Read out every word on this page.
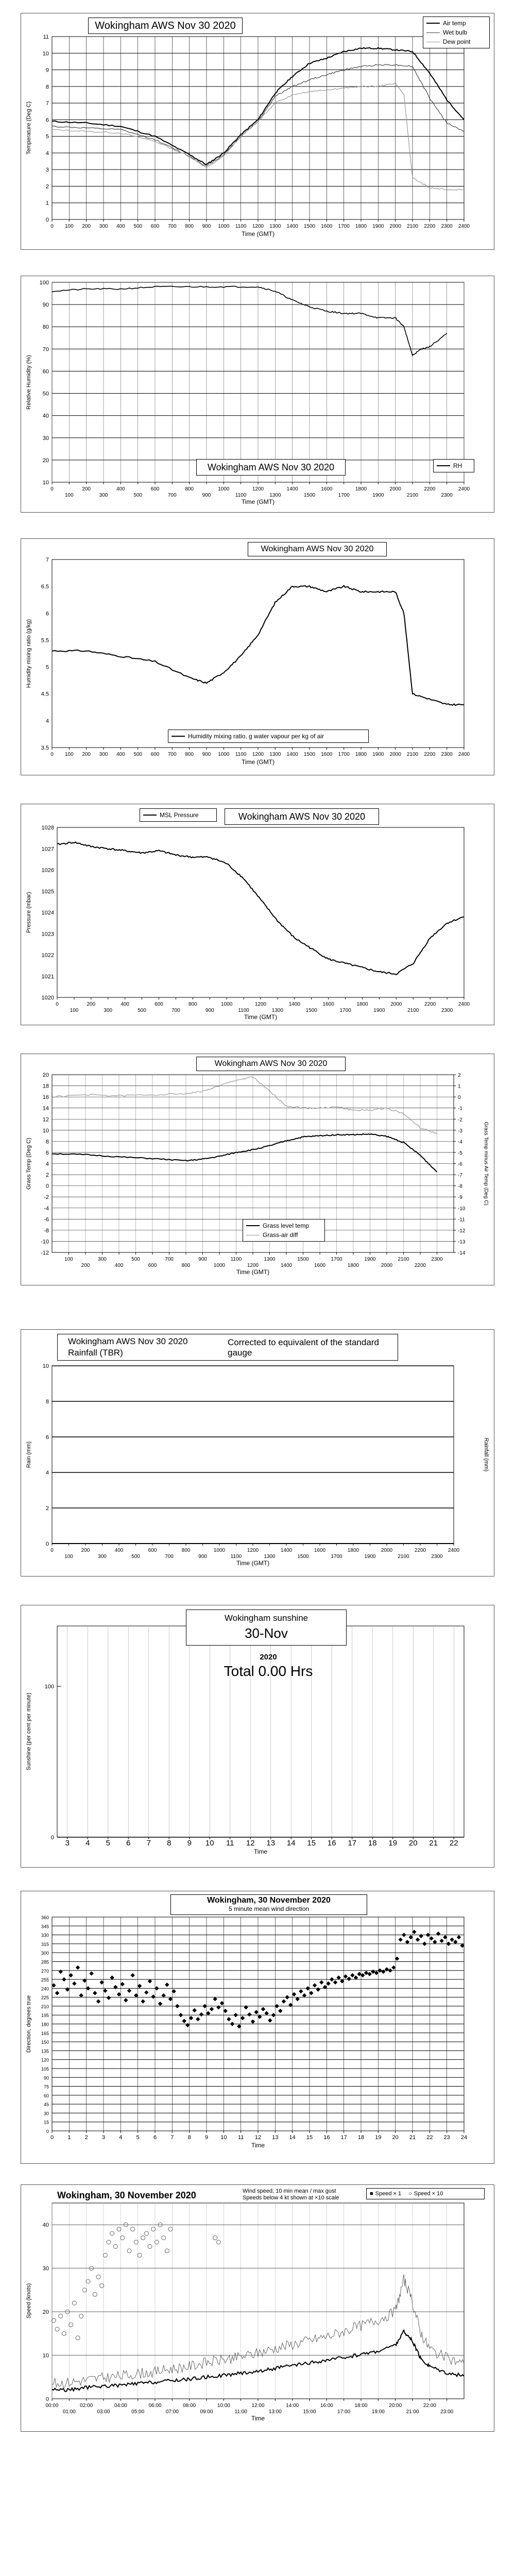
0 100 200 300 400 500 600 700 800 900 1000 1100 1200 1300 1400 1500 1600 1700 1800 1900 2000 2100 2200 2300 2400
0
1
2
3
4
5
6
7
8
9
10
11
Time (GMT)
Temperature (Deg C)
Wokingham AWS Nov 30 2020	Air temp
Wet bulb
Dew point
0
100
200
300
400
500
600
700
800
900
1000
1100
1200
1300
1400
1500
1600
1700
1800
1900
2000
2100
2200
2300
2400
10
20
30
40
50
60
70
80
90
100
Time (GMT)
Relative Humidity (%)
Wokingham AWS Nov 30 2020	RH
0 100 200 300 400 500 600 700 800 900 1000 1100 1200 1300 1400 1500 1600 1700 1800 1900 2000 2100 2200 2300 2400
3.5
4
4.5
5
5.5
6
6.5
7
Time (GMT)
Humidity mixing ratio (g/kg)
Wokingham AWS Nov 30 2020
Humidity mixing ratio, g water vapour per kg of air
0
100
200
300
400
500
600
700
800
900
1000
1100
1200
1300
1400
1500
1600
1700
1800
1900
2000
2100
2200
2300
2400
1020
1021
1022
1023
1024
1025
1026
1027
1028
Time (GMT)
Pressure (mbar)
MSL Pressure	Wokingham AWS Nov 30 2020
100
200
300
400
500
600
700
800
900
1000
1100
1200
1300
1400
1500
1600
1700
1800
1900
2000
2100
2200
2300
-12
-10
-8
-6
-4
-2
0
2
4
6
8
10
12
14
16
18
20
Time (GMT)
Grass Temp (Deg C)
-14
-13
-12
-11
-10
-9
-8
-7
-6
-5
-4
-3
-2
-1
0
1
2
Grass Temp minus Air Temp (Deg C)
Wokingham AWS Nov 30 2020
Grass level temp
Grass-air diff
0
100
200
300
400
500
600
700
800
900
1000
1100
1200
1300
1400
1500
1600
1700
1800
1900
2000
2100
2200
2300
2400
0
2
4
6
8
10
Time (GMT)
Rain (mm)	Rainfall (mm)
Wokingham AWS Nov 30 2020
Rainfall (TBR)
Corrected to equivalent of the standard gauge
3 4 5 6 7 8 9 10 11 12 13 14 15 16 17 18 19 20 21 22
0
100
Time
Sunshine (per cent per minute)
Wokingham sunshine
30-Nov
2020
Total 0.00 Hrs
0 1 2 3 4 5 6 7 8 9 10 11 12 13 14 15 16 17 18 19 20 21 22 23 24
0
15
30
45
60
75
90
105
120
135
150
165
180
195
210
225
240
255
270
285
300
315
330
345
360
Time
Direction, degrees true
Wokingham, 30 November 2020
5 minute mean wind direction
00:00
01:00
02:00
03:00
04:00
05:00
06:00
07:00
08:00
09:00
10:00
11:00
12:00
13:00
14:00
15:00
16:00
17:00
18:00
19:00
20:00
21:00
22:00
23:00
0
10
20
30
40
Time
Speed (knots)
Wokingham, 30 November 2020	Wind speed, 10 min mean / max gust
Speeds below 4 kt shown at ×10 scale
■ Speed × 1 ○ Speed × 10
